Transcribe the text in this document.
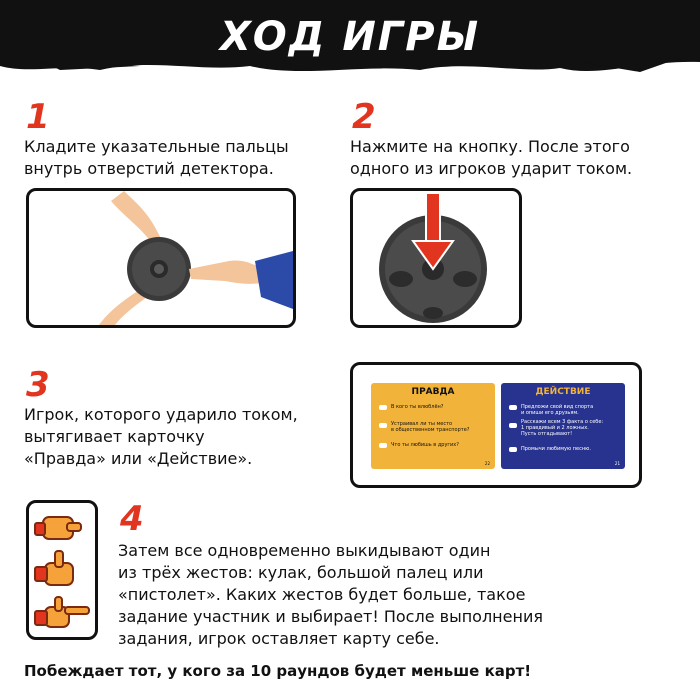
ХОД ИГРЫ
1
Кладите указательные пальцы
внутрь отверстий детектора.
2
Нажмите на кнопку. После этого
одного из игроков ударит током.
3
Игрок, которого ударило током,
вытягивает карточку
«Правда» или «Действие».
ПРАВДА
В кого ты влюблён?
Устраивал ли ты место
в общественном транспорте?
Что ты любишь в других?
22
ДЕЙСТВИЕ
Предложи свой вид спорта
и опиши его друзьям.
Расскажи всем 3 факта о себе:
1 правдивый и 2 ложных.
Пусть отгадывают!
Промычи любимую песню.
21
4
Затем все одновременно выкидывают один
из трёх жестов: кулак, большой палец или
«пистолет». Каких жестов будет больше, такое
задание участник и выбирает! После выполнения
задания, игрок оставляет карту себе.
Побеждает тот, у кого за 10 раундов будет меньше карт!
